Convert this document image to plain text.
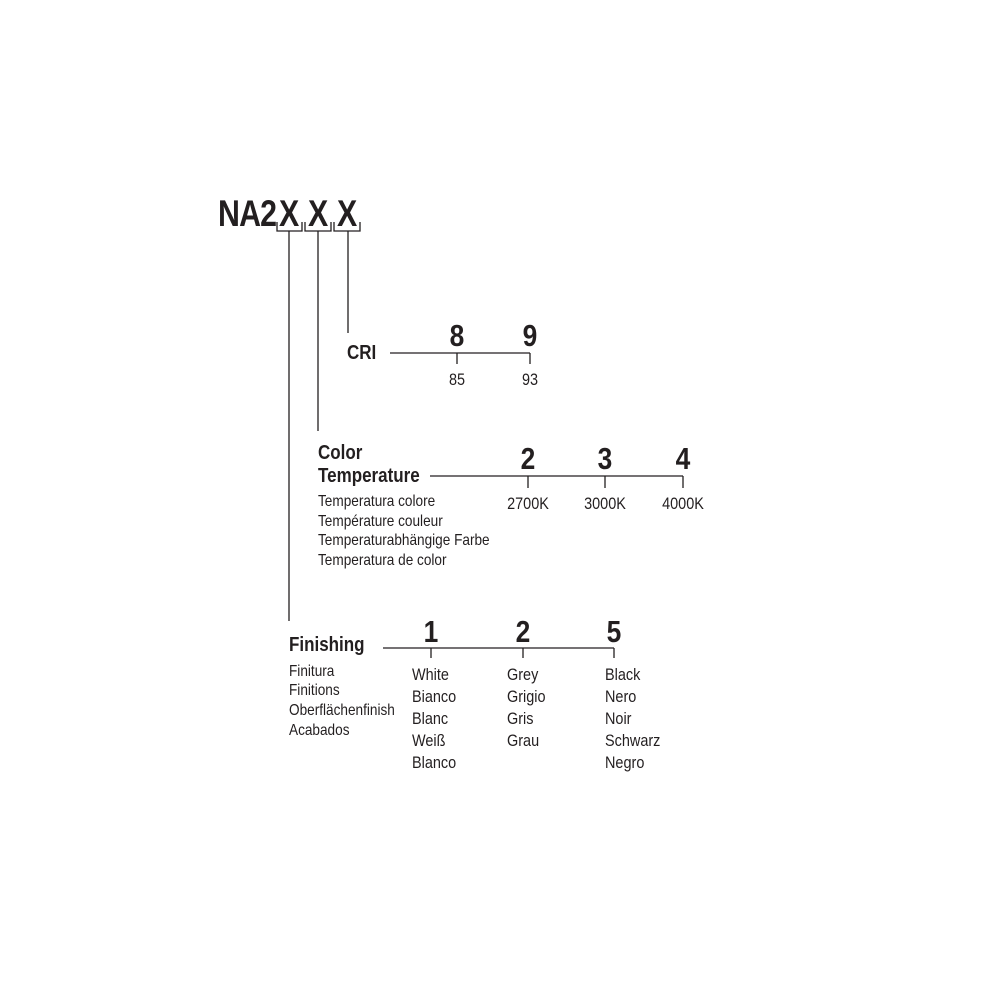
NA2 X X X
CRI	8	9
85	93
Color
Temperature
Temperatura colore
Température couleur
Temperaturabhängige Farbe
Temperatura de color
2	3	4
2700K	3000K	4000K
Finishing
Finitura
Finitions
Oberflächenfinish
Acabados
1	2	5
White
Bianco
Blanc
Weiß
Blanco
Grey
Grigio
Gris
Grau
Black
Nero
Noir
Schwarz
Negro
